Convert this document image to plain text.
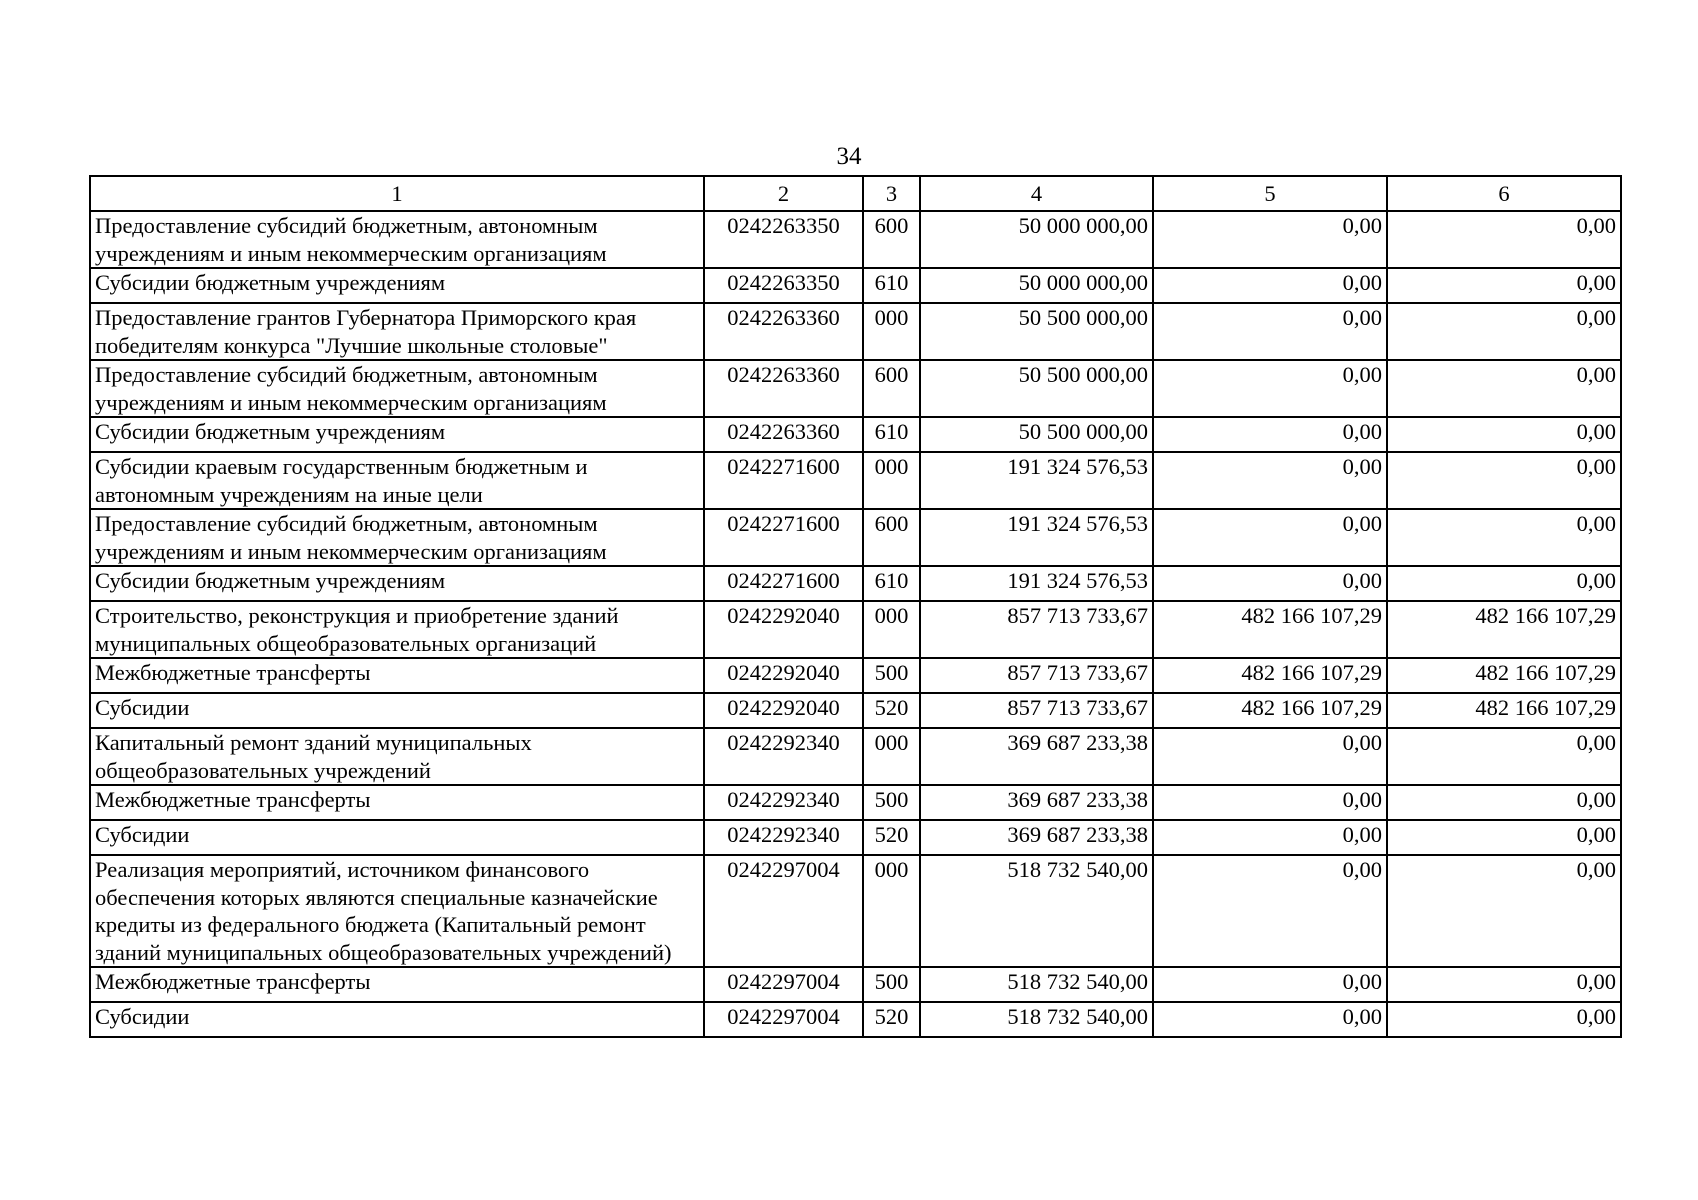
34
1	2	3	4	5	6
Предоставление субсидий бюджетным, автономным учреждениям и иным некоммерческим организациям	0242263350	600	50 000 000,00	0,00	0,00
Субсидии бюджетным учреждениям	0242263350	610	50 000 000,00	0,00	0,00
Предоставление грантов Губернатора Приморского края победителям конкурса "Лучшие школьные столовые"	0242263360	000	50 500 000,00	0,00	0,00
Предоставление субсидий бюджетным, автономным учреждениям и иным некоммерческим организациям	0242263360	600	50 500 000,00	0,00	0,00
Субсидии бюджетным учреждениям	0242263360	610	50 500 000,00	0,00	0,00
Субсидии краевым государственным бюджетным и автономным учреждениям на иные цели	0242271600	000	191 324 576,53	0,00	0,00
Предоставление субсидий бюджетным, автономным учреждениям и иным некоммерческим организациям	0242271600	600	191 324 576,53	0,00	0,00
Субсидии бюджетным учреждениям	0242271600	610	191 324 576,53	0,00	0,00
Строительство, реконструкция и приобретение зданий муниципальных общеобразовательных организаций	0242292040	000	857 713 733,67	482 166 107,29	482 166 107,29
Межбюджетные трансферты	0242292040	500	857 713 733,67	482 166 107,29	482 166 107,29
Субсидии	0242292040	520	857 713 733,67	482 166 107,29	482 166 107,29
Капитальный ремонт зданий муниципальных общеобразовательных учреждений	0242292340	000	369 687 233,38	0,00	0,00
Межбюджетные трансферты	0242292340	500	369 687 233,38	0,00	0,00
Субсидии	0242292340	520	369 687 233,38	0,00	0,00
Реализация мероприятий, источником финансового обеспечения которых являются специальные казначейские кредиты из федерального бюджета (Капитальный ремонт зданий муниципальных общеобразовательных учреждений)	0242297004	000	518 732 540,00	0,00	0,00
Межбюджетные трансферты	0242297004	500	518 732 540,00	0,00	0,00
Субсидии	0242297004	520	518 732 540,00	0,00	0,00
